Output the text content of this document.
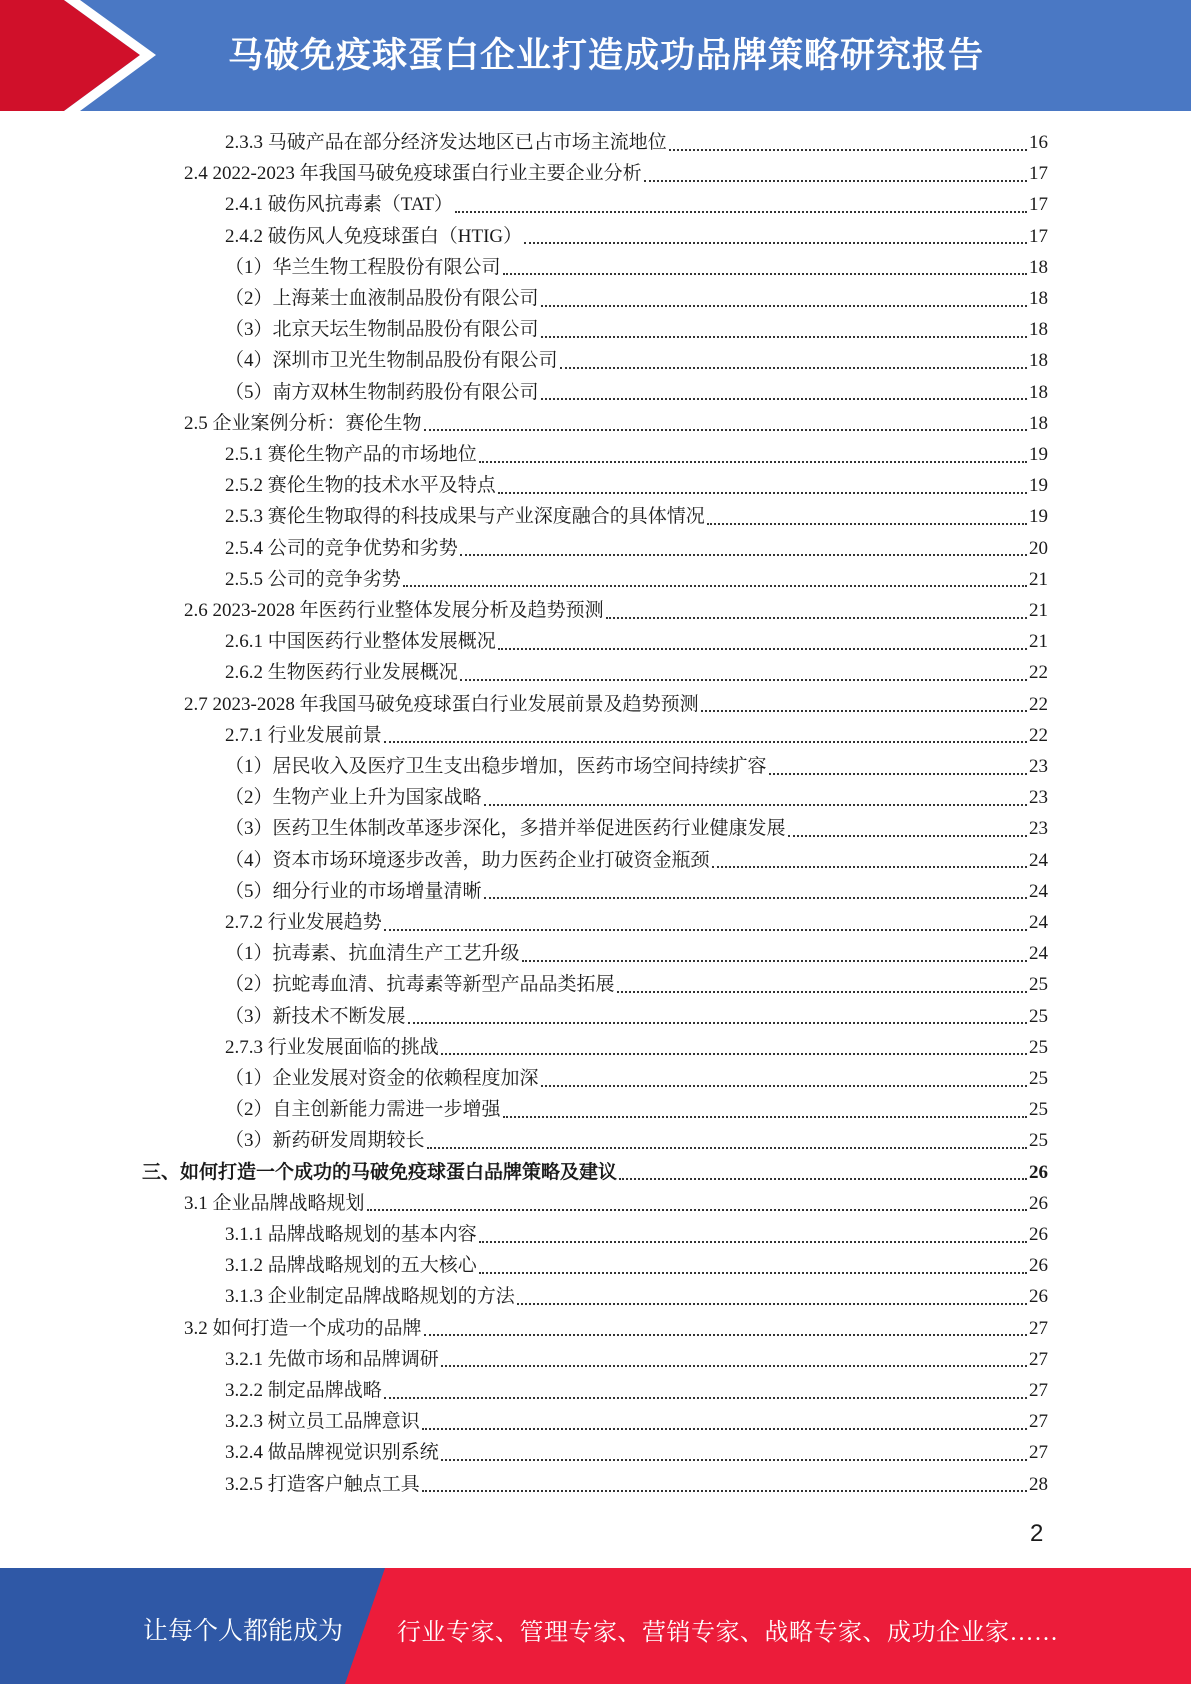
马破免疫球蛋白企业打造成功品牌策略研究报告
2.3.3 马破产品在部分经济发达地区已占市场主流地位	16
2.4 2022-2023 年我国马破免疫球蛋白行业主要企业分析	17
2.4.1 破伤风抗毒素（TAT）	17
2.4.2 破伤风人免疫球蛋白（HTIG）	17
（1）华兰生物工程股份有限公司	18
（2）上海莱士血液制品股份有限公司	18
（3）北京天坛生物制品股份有限公司	18
（4）深圳市卫光生物制品股份有限公司	18
（5）南方双林生物制药股份有限公司	18
2.5 企业案例分析：赛伦生物	18
2.5.1 赛伦生物产品的市场地位	19
2.5.2 赛伦生物的技术水平及特点	19
2.5.3 赛伦生物取得的科技成果与产业深度融合的具体情况	19
2.5.4 公司的竞争优势和劣势	20
2.5.5 公司的竞争劣势	21
2.6 2023-2028 年医药行业整体发展分析及趋势预测	21
2.6.1 中国医药行业整体发展概况	21
2.6.2 生物医药行业发展概况	22
2.7 2023-2028 年我国马破免疫球蛋白行业发展前景及趋势预测	22
2.7.1 行业发展前景	22
（1）居民收入及医疗卫生支出稳步增加，医药市场空间持续扩容	23
（2）生物产业上升为国家战略	23
（3）医药卫生体制改革逐步深化，多措并举促进医药行业健康发展	23
（4）资本市场环境逐步改善，助力医药企业打破资金瓶颈	24
（5）细分行业的市场增量清晰	24
2.7.2 行业发展趋势	24
（1）抗毒素、抗血清生产工艺升级	24
（2）抗蛇毒血清、抗毒素等新型产品品类拓展	25
（3）新技术不断发展	25
2.7.3 行业发展面临的挑战	25
（1）企业发展对资金的依赖程度加深	25
（2）自主创新能力需进一步增强	25
（3）新药研发周期较长	25
三、如何打造一个成功的马破免疫球蛋白品牌策略及建议	26
3.1 企业品牌战略规划	26
3.1.1 品牌战略规划的基本内容	26
3.1.2 品牌战略规划的五大核心	26
3.1.3 企业制定品牌战略规划的方法	26
3.2 如何打造一个成功的品牌	27
3.2.1 先做市场和品牌调研	27
3.2.2 制定品牌战略	27
3.2.3 树立员工品牌意识	27
3.2.4 做品牌视觉识别系统	27
3.2.5 打造客户触点工具	28
2
让每个人都能成为 行业专家、管理专家、营销专家、战略专家、成功企业家……
